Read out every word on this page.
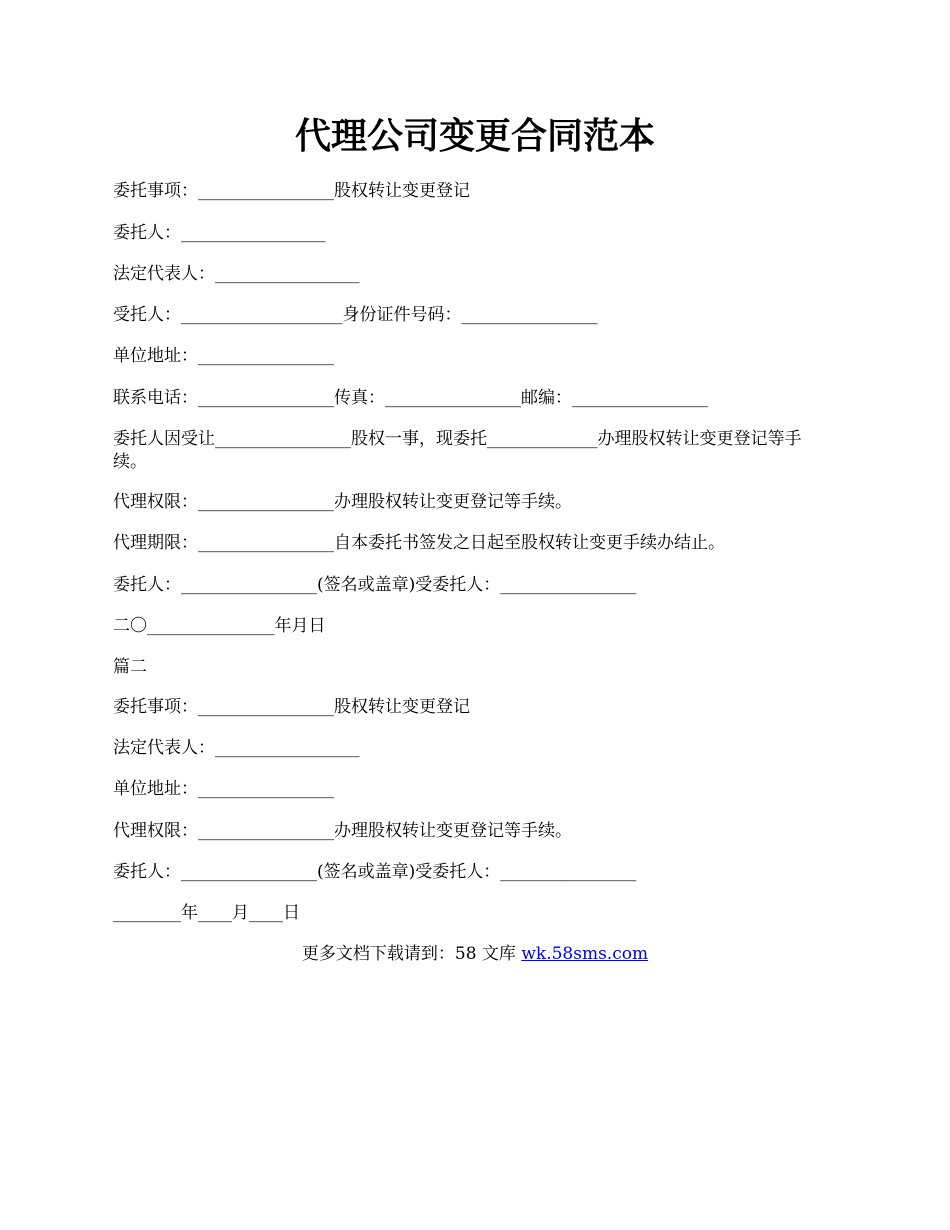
代理公司变更合同范本
委托事项：________________股权转让变更登记
委托人：_________________
法定代表人：_________________
受托人：___________________身份证件号码：________________
单位地址：________________
联系电话：________________传真：________________邮编：________________
委托人因受让________________股权一事，现委托_____________办理股权转让变更登记等手续。
代理权限：________________办理股权转让变更登记等手续。
代理期限：________________自本委托书签发之日起至股权转让变更手续办结止。
委托人：________________(签名或盖章)受委托人：________________
二〇_______________年月日
篇二
委托事项：________________股权转让变更登记
法定代表人：_________________
单位地址：________________
代理权限：________________办理股权转让变更登记等手续。
委托人：________________(签名或盖章)受委托人：________________
________年____月____日
更多文档下载请到：58 文库 wk.58sms.com
